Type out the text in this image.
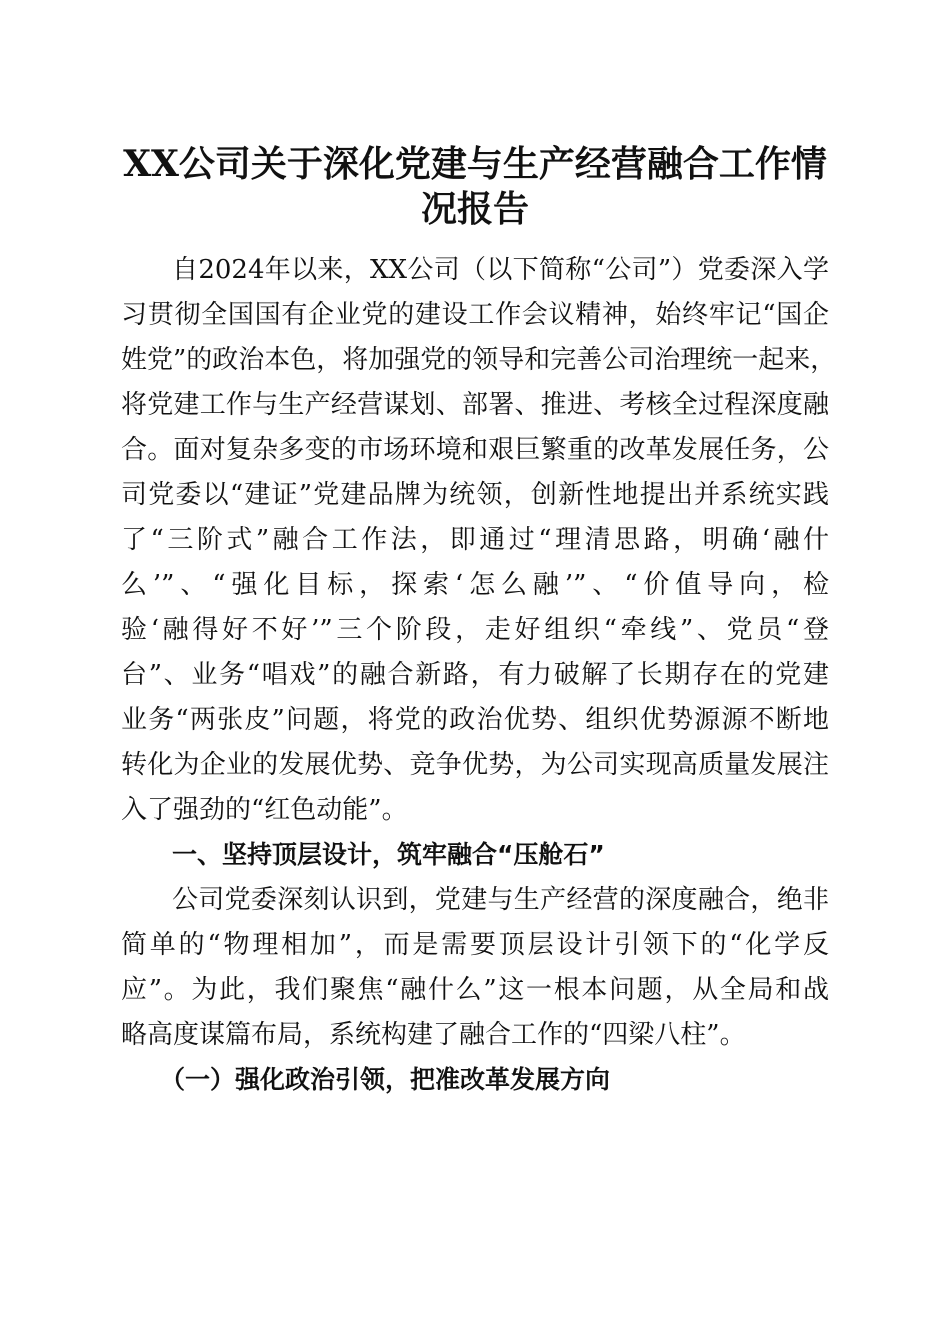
XX公司关于深化党建与生产经营融合工作情
况报告

自2024年以来，XX公司（以下简称“公司”）党委深入学

习贯彻全国国有企业党的建设工作会议精神，始终牢记“国企

姓党”的政治本色，将加强党的领导和完善公司治理统一起来，

将党建工作与生产经营谋划、部署、推进、考核全过程深度融

合。面对复杂多变的市场环境和艰巨繁重的改革发展任务，公

司党委以“建证”党建品牌为统领，创新性地提出并系统实践

了“三阶式”融合工作法，即通过“理清思路，明确‘融什

么’”、“强化目标，探索‘怎么融’”、“价值导向，检

验‘融得好不好’”三个阶段，走好组织“牵线”、党员“登

台”、业务“唱戏”的融合新路，有力破解了长期存在的党建

业务“两张皮”问题，将党的政治优势、组织优势源源不断地

转化为企业的发展优势、竞争优势，为公司实现高质量发展注

入了强劲的“红色动能”。

一、坚持顶层设计，筑牢融合“压舱石”

公司党委深刻认识到，党建与生产经营的深度融合，绝非

简单的“物理相加”，而是需要顶层设计引领下的“化学反

应”。为此，我们聚焦“融什么”这一根本问题，从全局和战

略高度谋篇布局，系统构建了融合工作的“四梁八柱”。

（一）强化政治引领，把准改革发展方向
